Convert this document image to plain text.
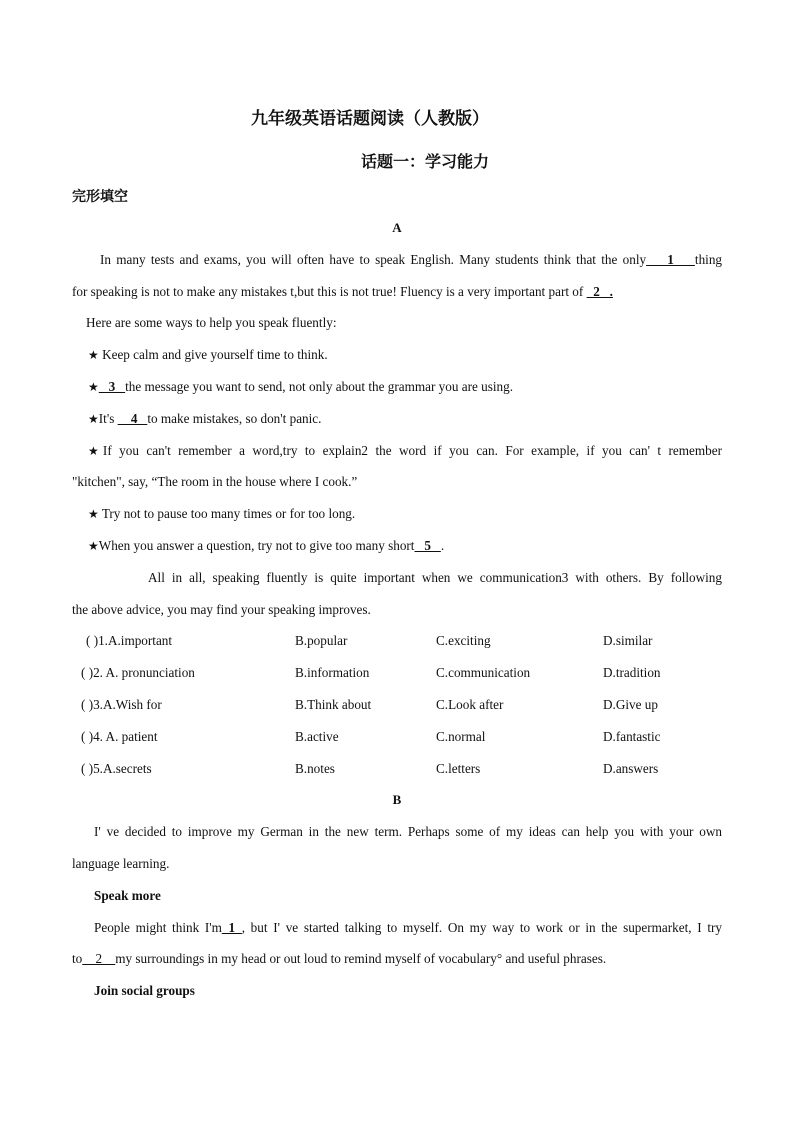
九年级英语话题阅读（人教版）
话题一：学习能力
完形填空
A
In many tests and exams, you will often have to speak English. Many students think that the only    1    thing
for speaking is not to make any mistakes t,but this is not true! Fluency is a very important part of   2   .
Here are some ways to help you speak fluently:
★ Keep calm and give yourself time to think.
★   3   the message you want to send, not only about the grammar you are using.
★It's     4   to make mistakes, so don't panic.
★If you can't remember a word,try to explain2 the word if you can. For example, if you can' t remember
"kitchen", say, “The room in the house where I cook.”
★ Try not to pause too many times or for too long.
★When you answer a question, try not to give too many short   5   .
All in all, speaking fluently is quite important when we communication3 with others. By following
the above advice, you may find your speaking improves.
( )1.A.important	B.popular	C.exciting	D.similar
( )2. A. pronunciation	B.information	C.communication	D.tradition
( )3.A.Wish for	B.Think about	C.Look after	D.Give up
( )4. A. patient	B.active	C.normal	D.fantastic
( )5.A.secrets	B.notes	C.letters	D.answers
B
I' ve decided to improve my German in the new term. Perhaps some of my ideas can help you with your own
language learning.
Speak more
People might think I'm_1_, but I' ve started talking to myself. On my way to work or in the supermarket, I try
to    2    my surroundings in my head or out loud to remind myself of vocabulary° and useful phrases.
Join social groups
